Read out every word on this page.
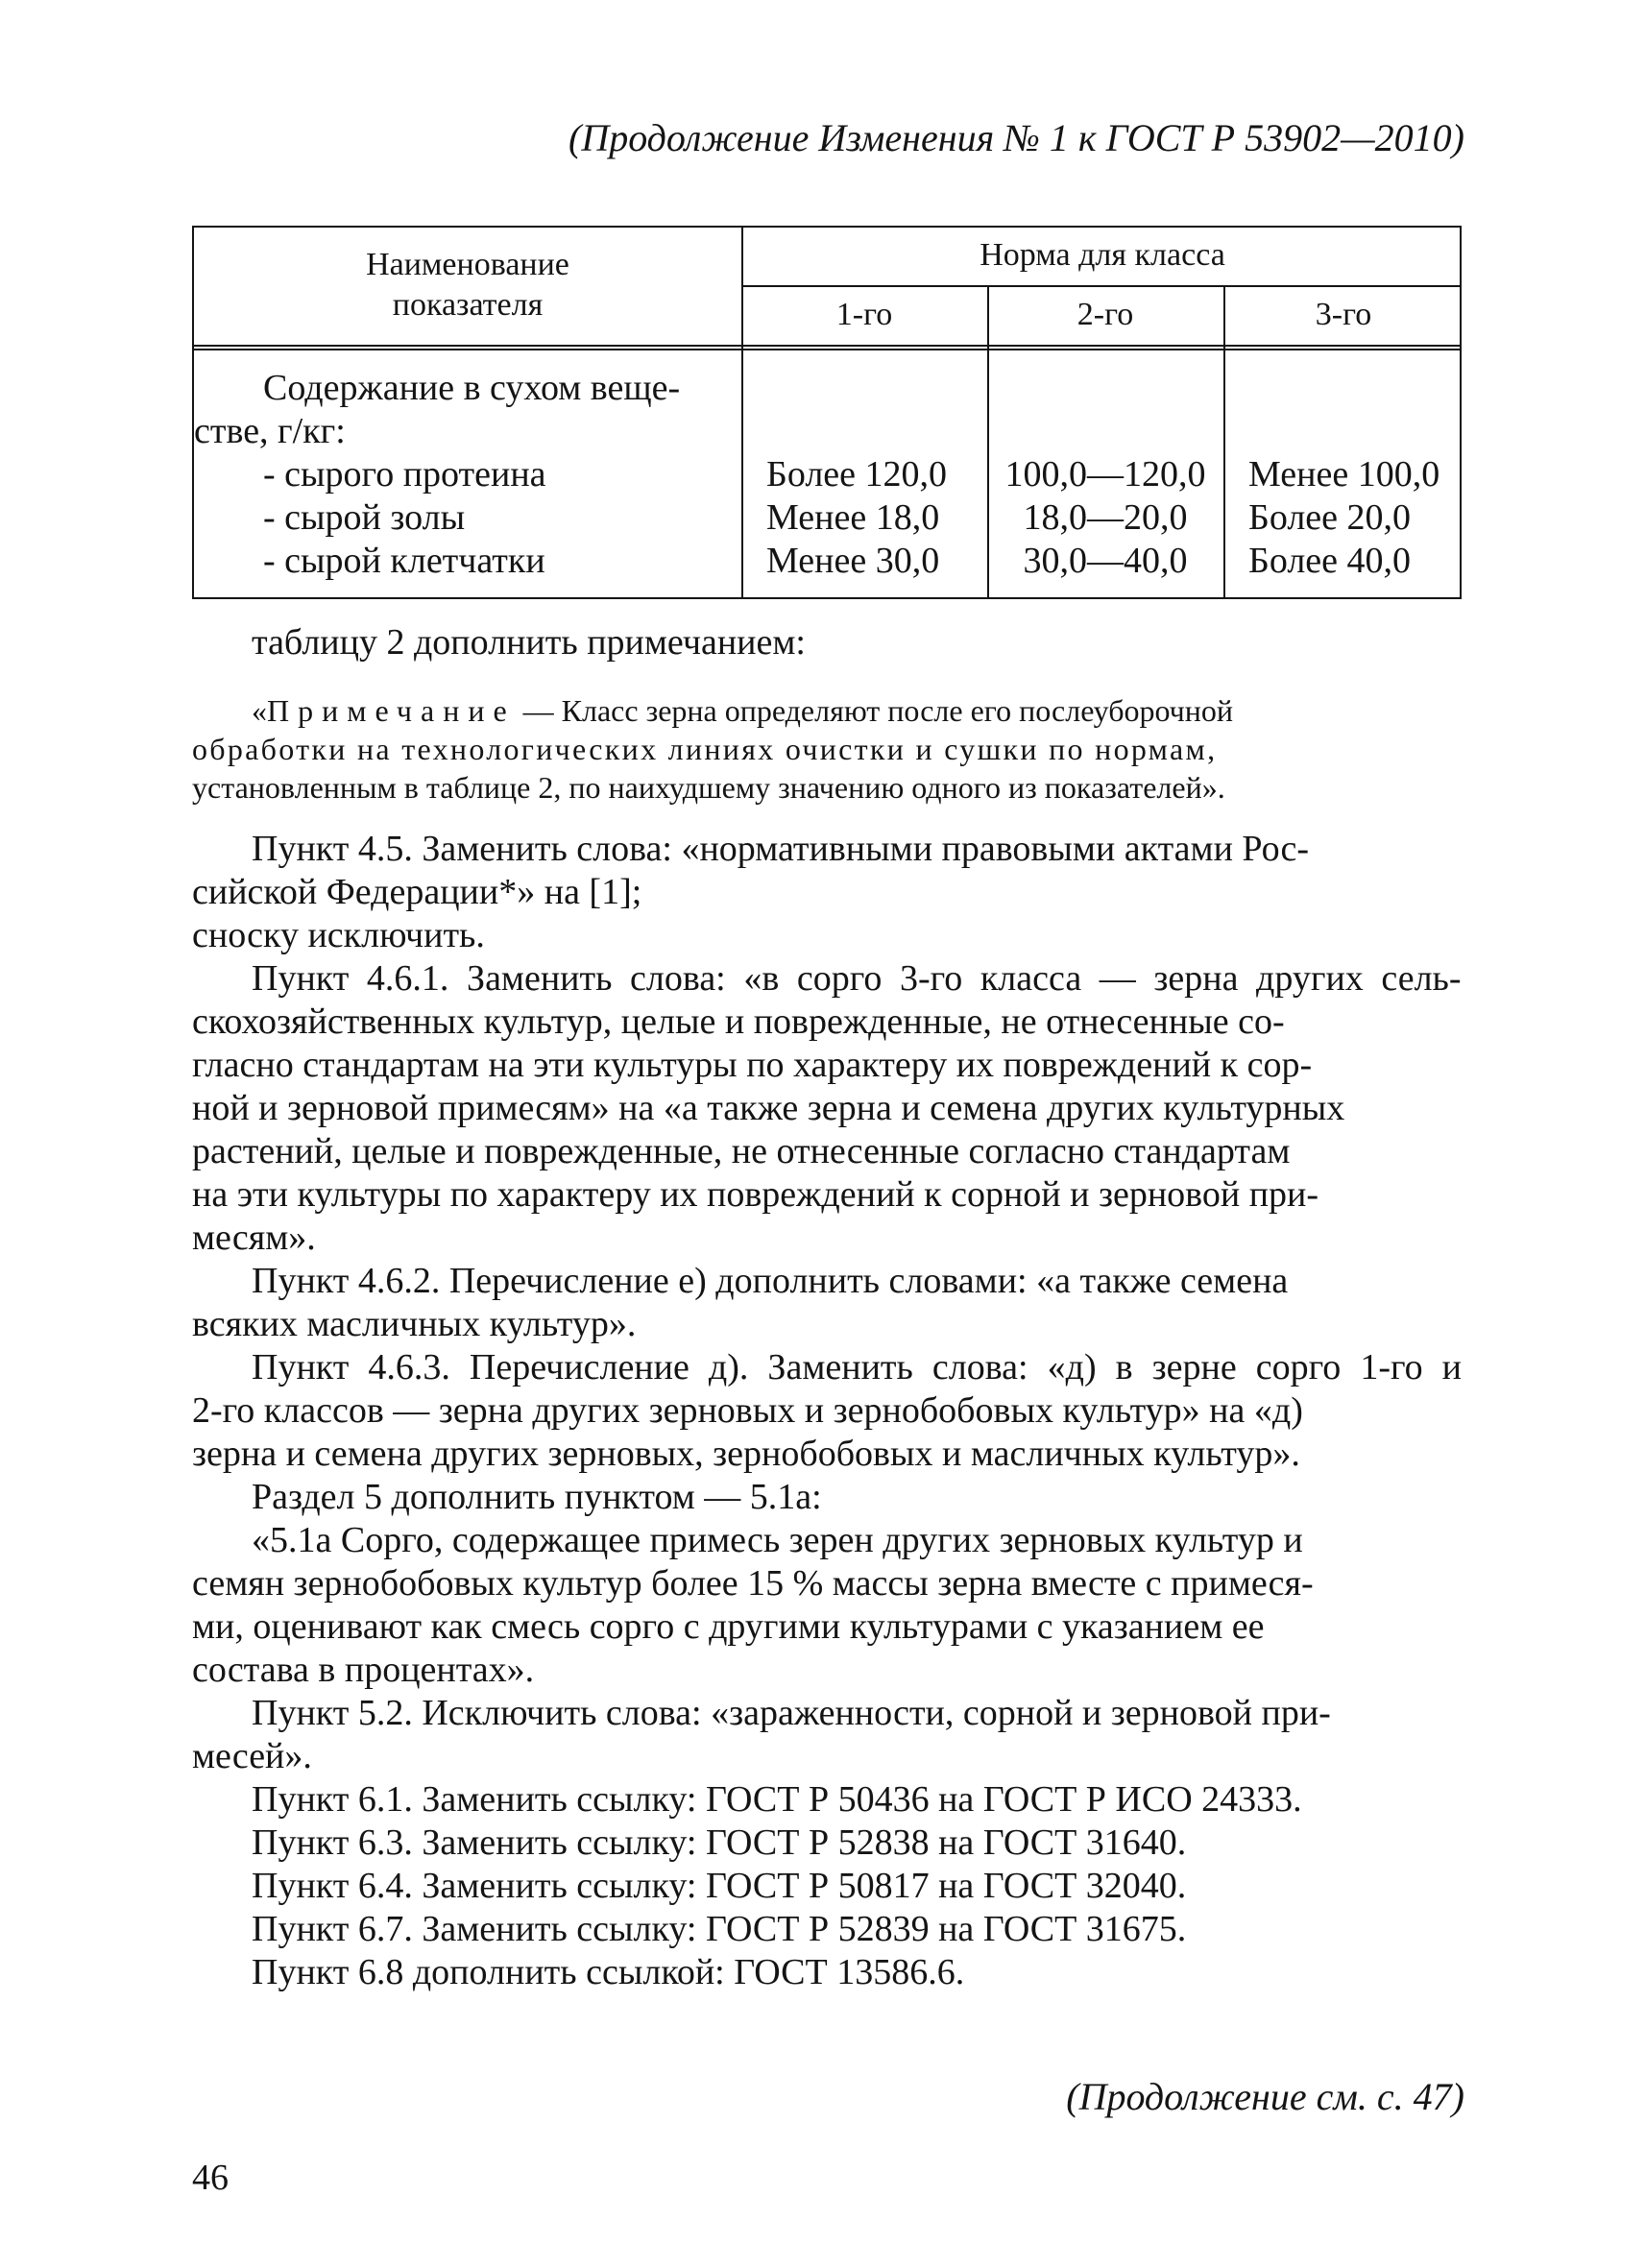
(Продолжение Изменения № 1 к ГОСТ Р 53902—2010)
Наименование
показателя
Норма для класса
1-го	2-го	3-го
Содержание в сухом веще-
стве, г/кг:
- сырого протеина	Более 120,0	100,0—120,0	Менее 100,0
- сырой золы	Менее 18,0	18,0—20,0	Более 20,0
- сырой клетчатки	Менее 30,0	30,0—40,0	Более 40,0
таблицу 2 дополнить примечанием:
«Примечание — Класс зерна определяют после его послеуборочной
обработки на технологических линиях очистки и сушки по нормам,
установленным в таблице 2, по наихудшему значению одного из показателей».
Пункт 4.5. Заменить слова: «нормативными правовыми актами Рос-
сийской Федерации*» на [1];
сноску исключить.
Пункт 4.6.1. Заменить слова: «в сорго 3-го класса — зерна других сель-
скохозяйственных культур, целые и поврежденные, не отнесенные со-
гласно стандартам на эти культуры по характеру их повреждений к сор-
ной и зерновой примесям» на «а также зерна и семена других культурных
растений, целые и поврежденные, не отнесенные согласно стандартам
на эти культуры по характеру их повреждений к сорной и зерновой при-
месям».
Пункт 4.6.2. Перечисление е) дополнить словами: «а также семена
всяких масличных культур».
Пункт 4.6.3. Перечисление д). Заменить слова: «д) в зерне сорго 1-го и
2-го классов — зерна других зерновых и зернобобовых культур» на «д)
зерна и семена других зерновых, зернобобовых и масличных культур».
Раздел 5 дополнить пунктом — 5.1а:
«5.1а Сорго, содержащее примесь зерен других зерновых культур и
семян зернобобовых культур более 15 % массы зерна вместе с примеся-
ми, оценивают как смесь сорго с другими культурами с указанием ее
состава в процентах».
Пункт 5.2. Исключить слова: «зараженности, сорной и зерновой при-
месей».
Пункт 6.1. Заменить ссылку: ГОСТ Р 50436 на ГОСТ Р ИСО 24333.
Пункт 6.3. Заменить ссылку: ГОСТ Р 52838 на ГОСТ 31640.
Пункт 6.4. Заменить ссылку: ГОСТ Р 50817 на ГОСТ 32040.
Пункт 6.7. Заменить ссылку: ГОСТ Р 52839 на ГОСТ 31675.
Пункт 6.8 дополнить ссылкой: ГОСТ 13586.6.
(Продолжение см. с. 47)
46
